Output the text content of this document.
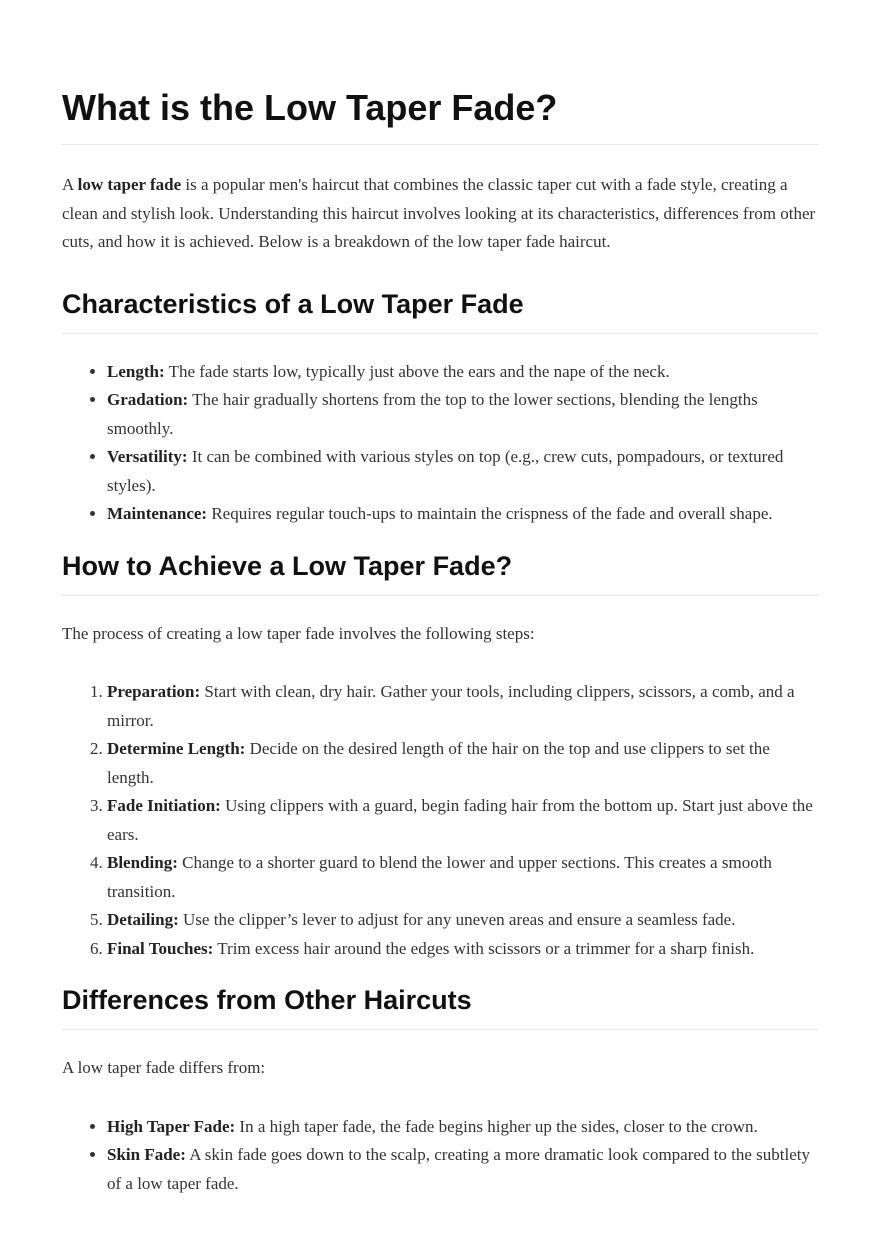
What is the Low Taper Fade?

A low taper fade is a popular men's haircut that combines the classic taper cut with a fade style, creating a clean and stylish look. Understanding this haircut involves looking at its characteristics, differences from other cuts, and how it is achieved. Below is a breakdown of the low taper fade haircut.

Characteristics of a Low Taper Fade
• Length: The fade starts low, typically just above the ears and the nape of the neck.
• Gradation: The hair gradually shortens from the top to the lower sections, blending the lengths smoothly.
• Versatility: It can be combined with various styles on top (e.g., crew cuts, pompadours, or textured styles).
• Maintenance: Requires regular touch-ups to maintain the crispness of the fade and overall shape.
How to Achieve a Low Taper Fade?

The process of creating a low taper fade involves the following steps:

1. Preparation: Start with clean, dry hair. Gather your tools, including clippers, scissors, a comb, and a mirror.
2. Determine Length: Decide on the desired length of the hair on the top and use clippers to set the length.
3. Fade Initiation: Using clippers with a guard, begin fading hair from the bottom up. Start just above the ears.
4. Blending: Change to a shorter guard to blend the lower and upper sections. This creates a smooth transition.
5. Detailing: Use the clipper’s lever to adjust for any uneven areas and ensure a seamless fade.
6. Final Touches: Trim excess hair around the edges with scissors or a trimmer for a sharp finish.
Differences from Other Haircuts

A low taper fade differs from:

• High Taper Fade: In a high taper fade, the fade begins higher up the sides, closer to the crown.
• Skin Fade: A skin fade goes down to the scalp, creating a more dramatic look compared to the subtlety of a low taper fade.
